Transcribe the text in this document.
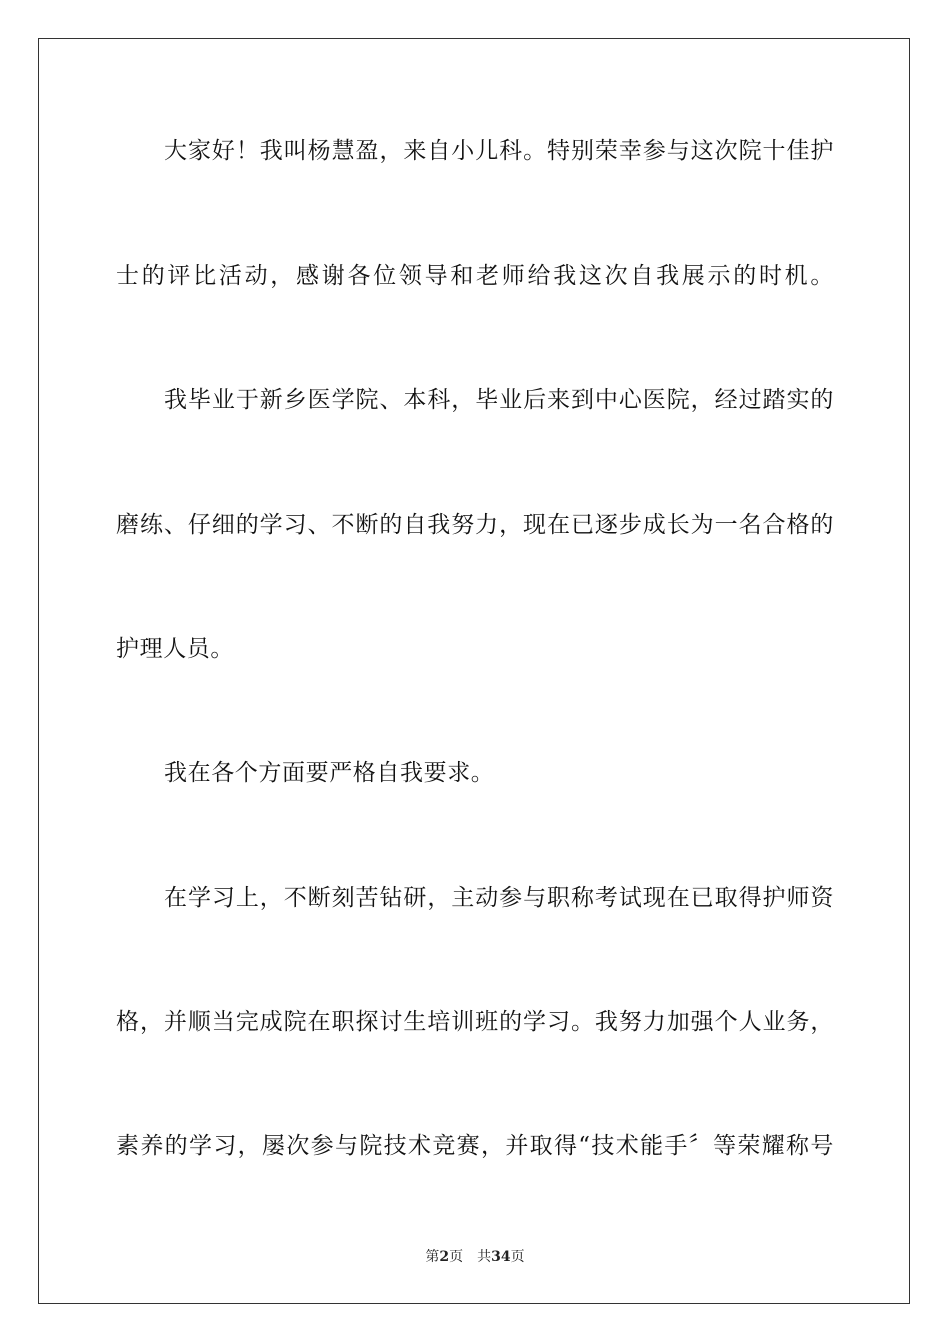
大家好！我叫杨慧盈，来自小儿科。特别荣幸参与这次院十佳护
士的评比活动，感谢各位领导和老师给我这次自我展示的时机。
我毕业于新乡医学院、本科，毕业后来到中心医院，经过踏实的
磨练、仔细的学习、不断的自我努力，现在已逐步成长为一名合格的
护理人员。
我在各个方面要严格自我要求。
在学习上，不断刻苦钻研，主动参与职称考试现在已取得护师资
格，并顺当完成院在职探讨生培训班的学习。我努力加强个人业务，
素养的学习，屡次参与院技术竞赛，并取得“技术能手〞等荣耀称号
第2页 共34页
